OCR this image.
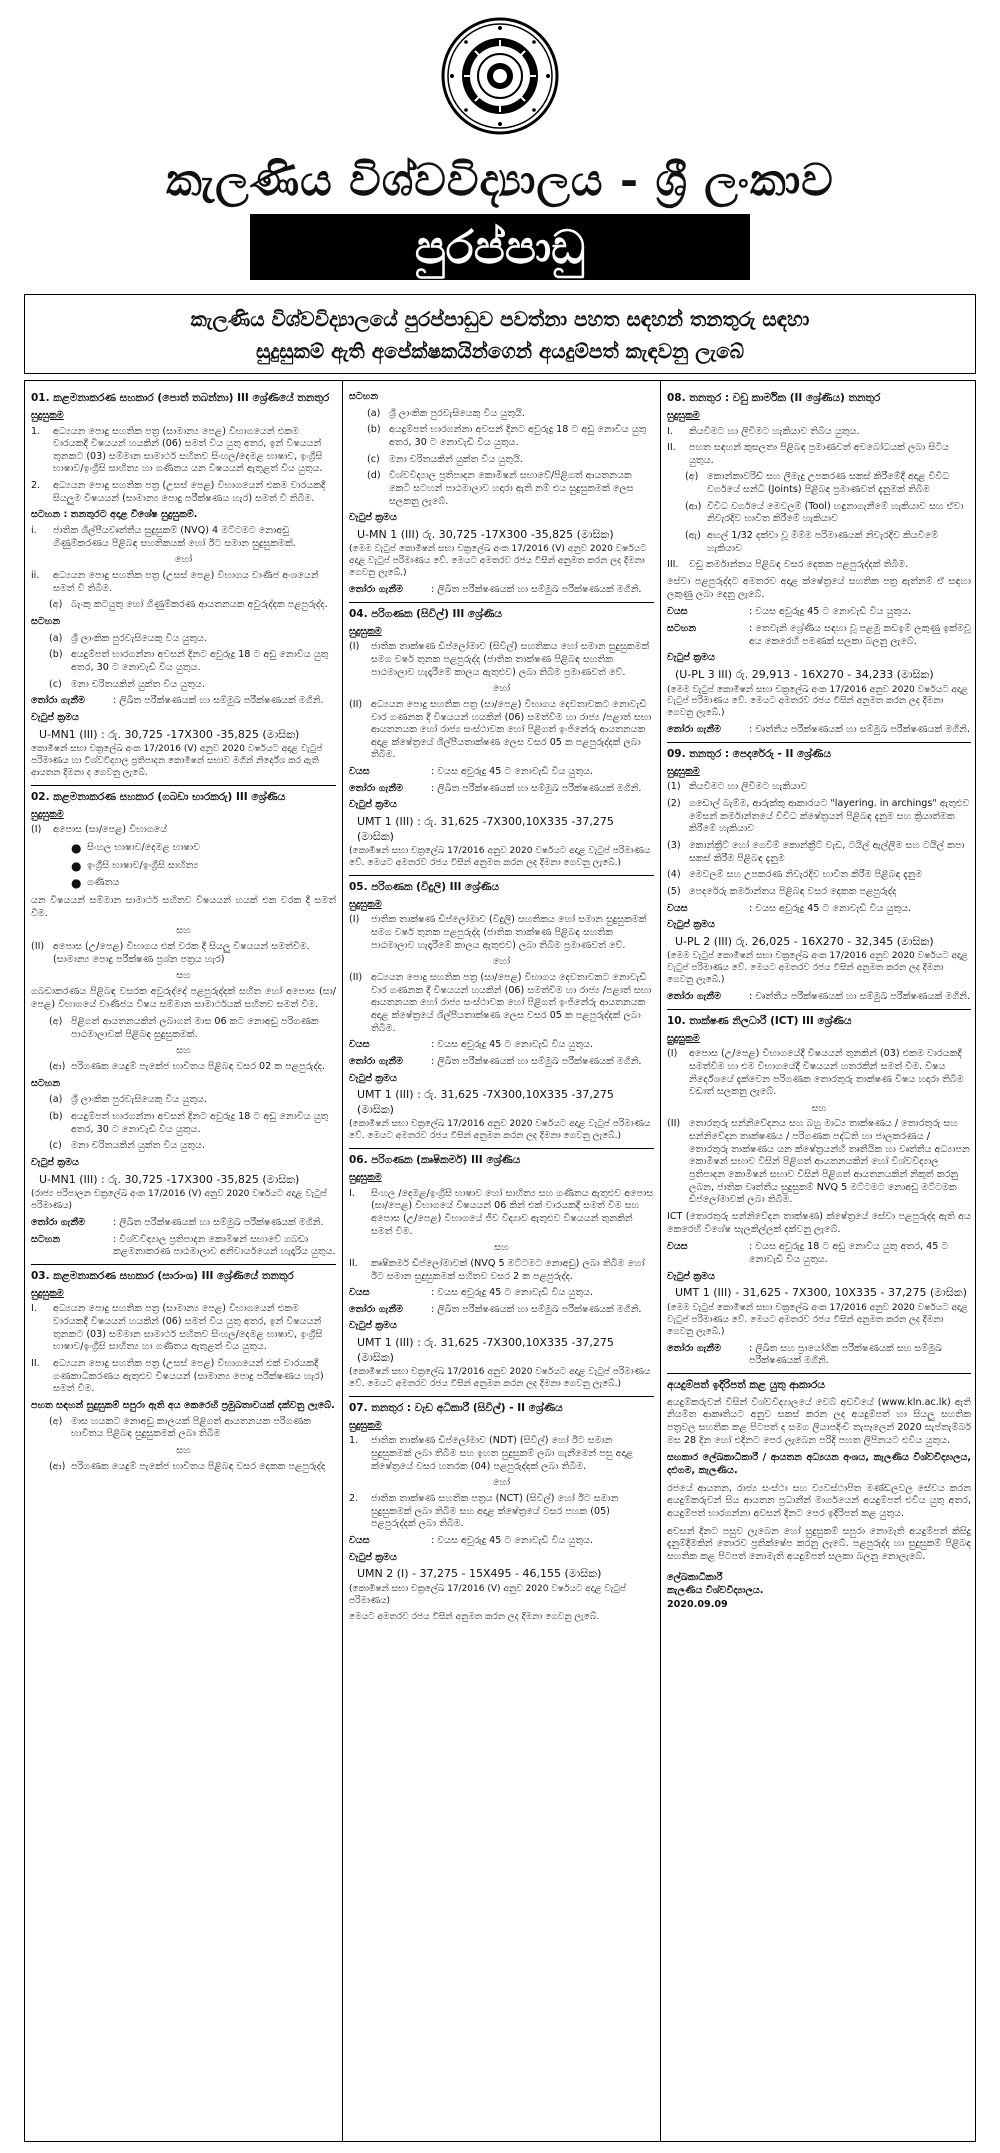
කැලණිය විශ්වවිද්‍යාලය - ශ්‍රී ලංකාව
පුරප්පාඩු
කැලණිය විශ්වවිද්‍යාලයේ පුරප්පාඩුව පවත්නා පහත සඳහන් තනතුරු සඳහා
සුදුසුකම් ඇති අපේක්ෂකයින්ගෙන් අයදුම්පත් කැඳවනු ලැබේ
01. කළමනාකරණ සහකාර (පොත් තබන්නා) III ශ්‍රේණියේ තනතුර
සුදුසුකම
1.	අධ්‍යයන පොදු සහතික පත්‍ර (සාමාන්‍ය පෙළ) විභාගයෙන් එකම වාරයකදී විෂයයන් හයකින් (06) සමත් විය යුතු අතර, ඉන් විෂයයන් තුනකට (03) සම්මාන සාමාර්ථ සහිතව සිංහල/දෙමළ භාෂාව, ඉංග්‍රීසි භාෂාව/ඉංග්‍රීසි සාහිත්‍ය හා ගණිතය යන විෂයයන් ඇතුළත් විය යුතුය.
2.	අධ්‍යයන පොදු සහතික පත්‍ර (උසස් පෙළ) විභාගයෙන් එකම වාරයකදී සියලුම විෂයයන් (සාමාන්‍ය පොදු පරීක්ෂණය හැර) සමත් වී තිබීම.
සටහන : තනතුරට අදාළ විශේෂ සුදුසුකම්.
i.	ජාතික ශිල්පීයවෘත්තීය සුදුසුකම් (NVQ) 4 මට්ටමට නොඅඩු ගිණුම්කරණය පිළිබඳ සහතිකයක් හෝ ඊට සමාන සුදුසුකමක්.
හෝ
ii.	අධ්‍යයන පොදු සහතික පත්‍ර (උසස් පෙළ) විභාගය වාණිජ අංශයෙන් සමත් වී තිබීම.
(අ) බැංකු කටයුතු හෝ ගිණුම්කරණ ආයතනයක අවුරුද්දක පළපුරුද්ද.
සටහන
(a) ශ්‍රී ලාංකික පුරවැසියෙකු විය යුතුය.
(b) අයදුම්පත් භාරගන්නා අවසන් දිනට අවුරුදු 18 ට අඩු නොවිය යුතු අතර, 30 ට නොවැඩි විය යුතුය.
(c) මනා චරිතයකින් යුක්ත විය යුතුය.
තෝරා ගැනීම	: ලිඛිත පරීක්ෂණයක් හා සම්මුඛ පරීක්ෂණයක් මගිනි.
වැටුප් ක්‍රමය
U-MN1 (III) : රු. 30,725 -17X300 -35,825 (මාසික)
කොමිෂන් සභා චක්‍රලේඛ අංක 17/2016 (V) අනුව 2020 වර්ෂයට අදාළ වැටුප් පරිමාණය හා විශ්වවිද්‍යාල ප්‍රතිපාදන කොමිෂන් සභාව මගින් නිර්දේශ කර ඇති ආයතන දීමනා ද ගෙවනු ලැබේ.
02. කළමනාකරණ සහකාර (ගබඩා භාරකරු) III ශ්‍රේණිය
සුදුසුකම
(I)	අපොස (සා/පෙළ) විභාගයේ
● සිංහල භාෂාව/දෙමළ භාෂාව
● ඉංග්‍රීසි භාෂාව/ඉංග්‍රීසි සාහිත්‍ය
● ගණිතය
යන විෂයයන් සම්මාන සාමාර්ථ සහිතව විෂයයන් හයක් එක වරක දී සමත් වීම.
සහ
(II) අපොස (උ/පෙළ) විභාගය එක් වරක දී සියලු විෂයයන් සමත්වීම. (සාමාන්‍ය පොදු පරීක්ෂණ ප්‍රශ්න පත්‍රය හැර)
සහ
ගබඩාකරණය පිළිබඳ වසරක අවුරුද්දේ පළපුරුද්දක් සහිත හෝ අපොස (සා/පෙළ) විභාගයේ වාණිජය විෂය සම්මාන සාමාර්ථයක් සහිතව සමත් වීම.
(අ) පිළිගත් ආයතනයකින් ලබාගත් මාස 06 කට නොඅඩු පරිගණක පාඨමාලාවක් පිළිබඳ සුදුසුකමක්.
සහ
(ආ) පරිගණක යෙදුම් පැකේජ භාවිතය පිළිබඳ වසර 02 ක පළපුරුද්ද.
සටහන
(a) ශ්‍රී ලාංකික පුරවැසියෙකු විය යුතුය.
(b) අයදුම්පත් භාරගන්නා අවසන් දිනට අවුරුදු 18 ට අඩු නොවිය යුතු අතර, 30 ට නොවැඩි විය යුතුය.
(c) මනා චරිතයකින් යුක්ත විය යුතුය.
වැටුප් ක්‍රමය
U-MN1 (III) : රු. 30,725 -17X300 -35,825 (මාසික)
(රාජ්‍ය පරිපාලන චක්‍රලේඛ අංක 17/2016 (V) අනුව 2020 වර්ෂයට අදාළ වැටුප් පරිමාණය)
තෝරා ගැනීම	: ලිඛිත පරීක්ෂණයක් හා සම්මුඛ පරීක්ෂණයක් මගිනි.
සටහන	: විශ්වවිද්‍යාල ප්‍රතිපාදන කොමිෂන් සභාවේ ගබඩා කළමනාකරණ පාඨමාලාව අනිවාර්යයෙන් හැදෑරිය යුතුය.
03. කළමනාකරණ සහකාර (සාරාංශ) III ශ්‍රේණියේ තනතුර
සුදුසුකම
I.	අධ්‍යයන පොදු සහතික පත්‍ර (සාමාන්‍ය පෙළ) විභාගයෙන් එකම වාරයකදී විෂයයන් හයකින් (06) සමත් විය යුතු අතර, ඉන් විෂයයන් තුනකට (03) සම්මාන සාමාර්ථ සහිතව සිංහල/දෙමළ භාෂාව, ඉංග්‍රීසි භාෂාව/ඉංග්‍රීසි සාහිත්‍ය හා ගණිතය ඇතුළත් විය යුතුය.
II.	අධ්‍යයන පොදු සහතික පත්‍ර (උසස් පෙළ) විභාගයෙන් එක් වාරයකදී ගණකාධිකරණය ඇතුළුව විෂයයන් (සාමාන්‍ය පොදු පරීක්ෂණය හැර) සමත් වීම.
පහත සඳහන් සුදුසුකම් සපුරා ඇති අය කෙරෙහි ප්‍රමුඛතාවයක් දක්වනු ලැබේ.
(අ) මාස හයකට නොඅඩු කාලයක් පිළිගත් ආයතනයක පරිගණක භාවිතය පිළිබඳ සුදුසුකමක් ලබා තිබීම
සහ
(ආ) පරිගණක යෙදුම් පැකේජ භාවිතය පිළිබඳ වසර දෙකක පළපුරුද්ද
සටහන
(a) ශ්‍රී ලාංකික පුරවැසියෙකු විය යුතුයි.
(b) අයදුම්පත් භාරගන්නා අවසන් දිනට අවුරුදු 18 ට අඩු නොවිය යුතු අතර, 30 ට නොවැඩි විය යුතුය.
(c) මනා චරිතයකින් යුක්ත විය යුතුයි.
(d) විශ්වවිද්‍යාල ප්‍රතිපාදන කොමිෂන් සභාවේ/පිළිගත් ආයතනයක කෙටි සටහන් පාඨමාලාව හදාරා ඇති නම් එය සුදුසුකමක් ලෙස සලකනු ලැබේ.
වැටුප් ක්‍රමය
U-MN 1 (III) රු. 30,725 -17X300 -35,825 (මාසික)
(මෙම වැටුප් කොමිෂන් සභා චක්‍රලේඛ අංක 17/2016 (V) අනුව 2020 වර්ෂයට අදාළ වැටුප් පරිමාණය වේ. මෙයට අමතරව රජය විසින් අනුමත කරන ලද දීමනා ගෙවනු ලැබේ.)
තෝරා ගැනීම	: ලිඛිත පරීක්ෂණයක් හා සම්මුඛ පරීක්ෂණයක් මගිනි.
04. පරිගණක (සිවිල්) III ශ්‍රේණිය
සුදුසුකම
(I)	ජාතික තාක්ෂණ ඩිප්ලෝමාව (සිවිල්) සහතිකය හෝ සමාන සුදුසුකමක් සමග වර්ෂ තුනක පළපුරුද්ද (ජාතික තාක්ෂණ පිළිබඳ සහතික පාඨමාලාව හැදෑරීමේ කාලය ඇතුළුව) ලබා තිබීම ප්‍රමාණවත් වේ.
හෝ
(II) අධ්‍යයන පොදු සහතික පත්‍ර (සා/පෙළ) විභාගය දෙවතාවකට නොවැඩි වාර ගණනක දී විෂයයන් හයකින් (06) සමත්වීම හා රාජ්‍ය /පළාත් සභා ආයතනයක හෝ රාජ්‍ය සංස්ථාවක හෝ පිළිගත් ඉංජිනේරු ආයතනයක අදාළ ක්ෂේත්‍රයේ ශිල්පීයතාක්ෂණ ලෙස වසර 05 ක පළපුරුද්දක් ලබා තිබීම.
වයස	: වයස අවුරුදු 45 ට නොවැඩි විය යුතුය.
තෝරා ගැනීම	: ලිඛිත පරීක්ෂණයක් හා සම්මුඛ පරීක්ෂණයක් මගිනි.
වැටුප් ක්‍රමය
UMT 1 (III) : රු. 31,625 -7X300,10X335 -37,275 (මාසික)
(කොමිෂන් සභා චක්‍රලේඛ 17/2016 අනුව 2020 වර්ෂයට අදාළ වැටුප් පරිමාණය වේ. මෙයට අමතරව රජය විසින් අනුමත කරන ලද දීමනා ගෙවනු ලැබේ.)
05. පරිගණක (විදුලි) III ශ්‍රේණිය
සුදුසුකම
(I)	ජාතික තාක්ෂණ ඩිප්ලෝමාව (විදුලි) සහතිකය හෝ සමාන සුදුසුකමක් සමග වර්ෂ තුනක පළපුරුද්ද (ජාතික තාක්ෂණ පිළිබඳ සහතික පාඨමාලාව හැදෑරීමේ කාලය ඇතුළුව) ලබා තිබීම ප්‍රමාණවත් වේ.
හෝ
(II) අධ්‍යයන පොදු සහතික පත්‍ර (සා/පෙළ) විභාගය දෙවතාවකට නොවැඩි වාර ගණනක දී විෂයයන් හයකින් (06) සමත්වීම හා රාජ්‍ය /පළාත් සභා ආයතනයක හෝ රාජ්‍ය සංස්ථාවක හෝ පිළිගත් ඉංජිනේරු ආයතනයක අදාළ ක්ෂේත්‍රයේ ශිල්පීයතාක්ෂණ ලෙස වසර 05 ක පළපුරුද්දක් ලබා තිබීම.
වයස	: වයස අවුරුදු 45 ට නොවැඩි විය යුතුය.
තෝරා ගැනීම	: ලිඛිත පරීක්ෂණයක් හා සම්මුඛ පරීක්ෂණයක් මගිනි.
වැටුප් ක්‍රමය
UMT 1 (III) : රු. 31,625 -7X300,10X335 -37,275 (මාසික)
(කොමිෂන් සභා චක්‍රලේඛ 17/2016 අනුව 2020 වර්ෂයට අදාළ වැටුප් පරිමාණය වේ. මෙයට අමතරව රජය විසින් අනුමත කරන ලද දීමනා ගෙවනු ලැබේ.)
06. පරිගණක (කෘෂිකර්ම) III ශ්‍රේණිය
සුදුසුකම
I.	සිංහල /දෙමළ/ඉංග්‍රීසි භාෂාව හෝ සාහිත්‍ය සහ ගණිතය ඇතුළුව අපොස (සා/පෙළ) විභාගයේ විෂයයන් 06 කින් එක් වාරයකදී සමත් වීම සහ අපොස (උ/පෙළ) විභාගයේ ජීව විද්‍යාව ඇතුළුව විෂයයන් තුනකින් සමත් වීම.
සහ
II.	කෘෂිකර්ම ඩිප්ලෝමාවක් (NVQ 5 මට්ටමට නොඅඩු) ලබා තිබීම හෝ ඊට සමාන සුදුසුකමක් සහිතව වසර 2 ක පළපුරුද්ද.
වයස	: වයස අවුරුදු 45 ට නොවැඩි විය යුතුය.
තෝරා ගැනීම	: ලිඛිත පරීක්ෂණයක් හා සම්මුඛ පරීක්ෂණයක් මගිනි.
වැටුප් ක්‍රමය
UMT 1 (III) : රු. 31,625 -7X300,10X335 -37,275 (මාසික)
(කොමිෂන් සභා චක්‍රලේඛ 17/2016 අනුව 2020 වර්ෂයට අදාළ වැටුප් පරිමාණය වේ. මෙයට අමතරව රජය විසින් අනුමත කරන ලද දීමනා ගෙවනු ලැබේ.)
07. තනතුර : වැඩ අධිකාරී (සිවිල්) - II ශ්‍රේණිය
සුදුසුකම
1.	ජාතික තාක්ෂණ ඩිප්ලෝමාව (NDT) (සිවිල්) හෝ ඊට සමාන සුදුසුකමක් ලබා තිබීම සහ ඉහත සුදුසුකම් ලබා ගැනීමෙන් පසු අදාළ ක්ෂේත්‍රයේ වසර හතරක (04) පළපුරුද්දක් ලබා තිබීම.
හෝ
2.	ජාතික තාක්ෂණ සහතික පත්‍රය (NCT) (සිවිල්) හෝ ඊට සමාන සුදුසුකමක් ලබා තිබීම සහ අදාළ ක්ෂේත්‍රයේ වසර පහක (05) පළපුරුද්දක් ලබා තිබීම.
වයස	: වයස අවුරුදු 45 ට නොවැඩි විය යුතුය.
වැටුප් ක්‍රමය
UMN 2 (I) - 37,275 - 15X495 - 46,155 (මාසික)
(කොමිෂන් සභා චක්‍රලේඛ 17/2016 (V) අනුව 2020 වර්ෂයට අදාළ වැටුප් පරිමාණය)
මෙයට අමතරව රජය විසින් අනුමත කරන ලද දීමනා ගෙවනු ලැබේ.
08. තනතුර : වඩු කාර්මික (II ශ්‍රේණිය) තනතුර
සුදුසුකම
I.	කියවීමට හා ලිවීමට හැකියාව තිබිය යුතුය.
II.	පහත සඳහන් කුසලතා පිළිබඳ ප්‍රමාණවත් අවබෝධයක් ලබා සිටිය යුතුය.
(අ) කොන්කාවරිඩ් සහ ලීමැදු උපකරණ සකස් කිරීමේදී අදාළ විවිධ වර්ගයේ සන්ධි (Joints) පිළිබඳ ප්‍රමාණවත් දැනුමක් තිබීම
(ආ) විවිධ වර්ගයේ මෙවලම් (Tool) හඳුනාගැනීමේ හැකියාව සහ ඒවා නිවැරදිව භාවිත කිරීමේ හැකියාව
(ඇ) අඟල් 1/32 දක්වා වූ මිම්ම පරිමාණයක් නිවැරදිව කියවීමේ හැකියාව
III.	වඩු කර්මාන්තය පිළිබඳ වසර දෙකක පළපුරුද්දක් තිබීම.
සේවා පළපුරුද්දට අමතරව අදාළ ක්ෂේත්‍රයේ සහතික පත්‍ර ඇත්නම් ඒ සඳහා ලකුණු ලබා දෙනු ලැබේ.
වයස	: වයස අවුරුදු 45 ට නොවැඩි විය යුතුය.
සටහන	: තෙවැනි ශ්‍රේණිය සඳහා වූ පළමු කඩඉම් ලකුණු ඉක්මවූ අය කෙරෙහි පමණක් සලකා බලනු ලැබේ.
වැටුප් ක්‍රමය
(U-PL 3 III) රු. 29,913 - 16X270 - 34,233 (මාසික)
(මෙම වැටුප් කොමිෂන් සභා චක්‍රලේඛ අංක 17/2016 අනුව 2020 වර්ෂයට අදාළ වැටුප් පරිමාණය වේ. මෙයට අමතරව රජය විසින් අනුමත කරන ලද දීමනා ගෙවනු ලැබේ.)
තෝරා ගැනීම	: වෘත්තීය පරීක්ෂණයක් හා සම්මුඛ පරීක්ෂණයක් මගිනි.
09. තනතුර : පෙදරේරු - II ශ්‍රේණිය
සුදුසුකම
(1) කියවීමට හා ලිවීමට හැකියාව
(2) ගඩොල් බැම්ම, ආරුක්කු ආකාරයට "layering. in archings" ඇතුළුව මේසන් කර්මාන්තයේ විවිධ ක්ෂේත්‍රයන් පිළිබඳ දැනුම සහ ක්‍රියාත්මක කිරීමේ හැකියාව
(3) කොන්ක්‍රීට් හෝ ගෙවිම් කොන්ක්‍රීට් වැඩ, ටයිල් ඇල්ලීම සහ ටයිල් කපා සකස් කිරීම පිළිබඳ දැනුම
(4) මෙවලම් සහ උපකරණ නිවැරදිව භාවිත කිරීම පිළිබඳ දැනුම
(5) පෙදරේරු කර්මාන්තය පිළිබඳ වසර දෙකක පළපුරුද්ද
වයස	: වයස අවුරුදු 45 ට නොවැඩි විය යුතුය.
වැටුප් ක්‍රමය
U-PL 2 (III) රු. 26,025 - 16X270 - 32,345 (මාසික)
(මෙම වැටුප් කොමිෂන් සභා චක්‍රලේඛ අංක 17/2016 අනුව 2020 වර්ෂයට අදාළ වැටුප් පරිමාණය වේ. මෙයට අමතරව රජය විසින් අනුමත කරන ලද දීමනා ගෙවනු ලැබේ.)
තෝරා ගැනීම	: වෘත්තීය පරීක්ෂණයක් හා සම්මුඛ පරීක්ෂණයක් මගිනි.
10. තාක්ෂණ නිලධාරී (ICT) III ශ්‍රේණිය
සුදුසුකම
(I)	අපොස (උ/පෙළ) විභාගයේදී විෂයයන් තුනකින් (03) එකම වාරයකදී සමත්වීම හා එම විභාගයේදී විෂයයන් හතරකින් සමත් වීම. විෂය නිර්දේශයේ දැක්වෙන පරිගණක තොරතුරු තාක්ෂණ විෂය හදාරා තිබීම වඩාත් සලකනු ලැබේ.
සහ
(II) තොරතුරු සන්නිවේදනය සහ බහු මාධ්‍ය තාක්ෂණය / තොරතුරු සහ සන්නිවේදන තාක්ෂණය / පරිගණක පද්ධති හා ජාලකරණය / තොරතුරු තාක්ෂණය යන ක්ෂේත්‍රයන්හි තෘතීයික හා වෘත්තීය අධ්‍යාපන කොමිෂන් සභාව විසින් පිළිගත් ආයතනයකින් හෝ විශ්වවිද්‍යාල ප්‍රතිපාදන කොමිෂන් සභාව විසින් පිළිගත් ආයතනයකින් නිකුත් කරනු ලබන, ජාතික වෘත්තීය සුදුසුකම් NVQ 5 මට්ටමට නොඅඩු මට්ටමක ඩිප්ලෝමාවක් ලබා තිබීම.
ICT (තොරතුරු සන්නිවේදන තාක්ෂණ) ක්ෂේත්‍රයේ සේවා පළපුරුද්ද ඇති අය කෙරෙහි විශේෂ සැලකිල්ලක් දක්වනු ලැබේ.
වයස	: වයස අවුරුදු 18 ට අඩු නොවිය යුතු අතර, 45 ට නොවැඩි විය යුතුය.
වැටුප් ක්‍රමය
UMT 1 (III) - 31,625 - 7X300, 10X335 - 37,275 (මාසික)
(මෙම වැටුප් කොමිෂන් සභා චක්‍රලේඛ අංක 17/2016 අනුව 2020 වර්ෂයට අදාළ වැටුප් පරිමාණය වේ. මෙයට අමතරව රජය විසින් අනුමත කරන ලද දීමනා ගෙවනු ලැබේ.)
තෝරා ගැනීම	: ලිඛිත සහ ප්‍රායෝගික පරීක්ෂණයක් සහ සම්මුඛ පරීක්ෂණයක් මගිනි.
අයදුම්පත් ඉදිරිපත් කළ යුතු ආකාරය
අයදුම්කරුවන් විසින් විශ්වවිද්‍යාලයේ වෙබ් අඩවියේ (www.kln.ac.lk) ඇති නියමිත ආකෘතියට අනුව සකස් කරන ලද අයදුම්පත් හා සියලු සහතික පත්‍රවල සහතික කළ පිටපත් ද සමග ලියාපදිංචි තැපෑලෙන් 2020 සැප්තැම්බර් මස 28 දින හෝ එදිනට පෙර ලැබෙන පරිදි පහත ලිපිනයට එවිය යුතුය.
සහකාර ලේඛකාධිකාරී / ආයතන අධ්‍යයන අංශය, කැලණිය විශ්වවිද්‍යාලය, දළුගම, කැලණිය.
රජයේ ආයතන, රාජ්‍ය සංස්ථා සහ ව්‍යවස්ථාපිත මණ්ඩලවල සේවය කරන අයදුම්කරුවන් සිය ආයතන ප්‍රධානීන් මාර්ගයෙන් අයදුම්පත් එවිය යුතු අතර, අයදුම්පත් භාරගන්නා අවසන් දිනට පෙර ඉදිරිපත් කළ යුතුය.
අවසන් දිනට පසුව ලැබෙන හෝ සුදුසුකම් සපුරා නොමැති අයදුම්පත් කිසිදු දැනුම්දීමකින් තොරව ප්‍රතික්ෂේප කරනු ලැබේ. පළපුරුද්ද හා සුදුසුකම් පිළිබඳ සහතික කළ පිටපත් නොමැති අයදුම්පත් සලකා බලනු නොලැබේ.
ලේඛකාධිකාරී
කැලණිය විශ්වවිද්‍යාලය.
2020.09.09
